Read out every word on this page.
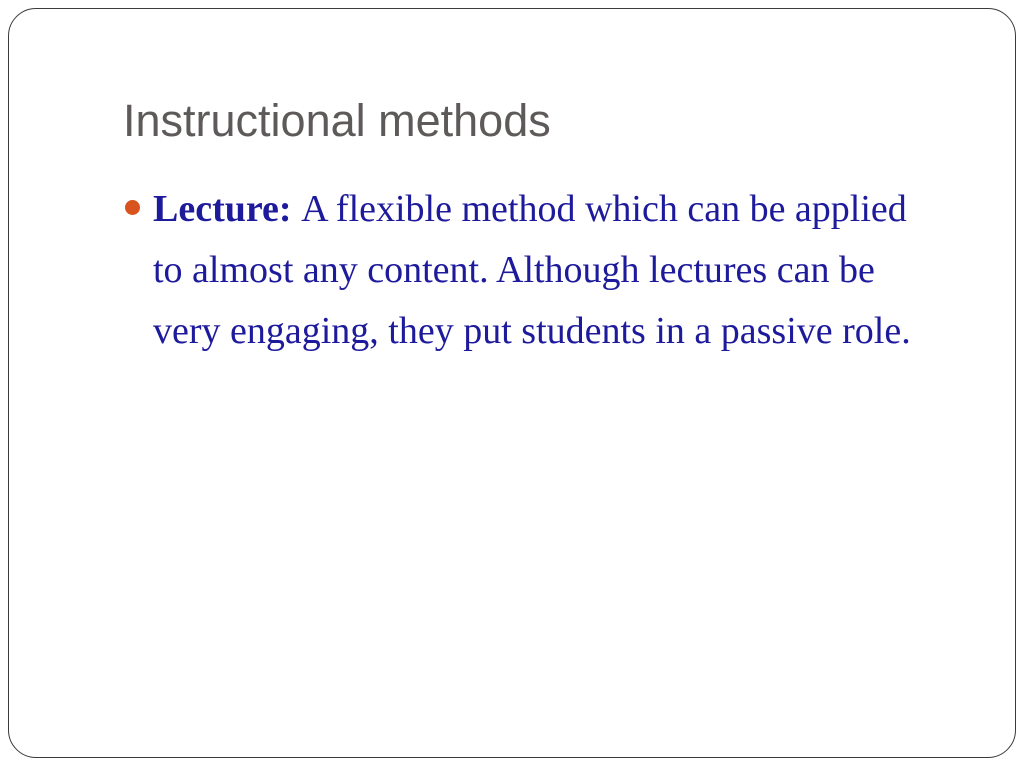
Instructional methods
Lecture: A flexible method which can be applied to almost any content. Although lectures can be very engaging, they put students in a passive role.
